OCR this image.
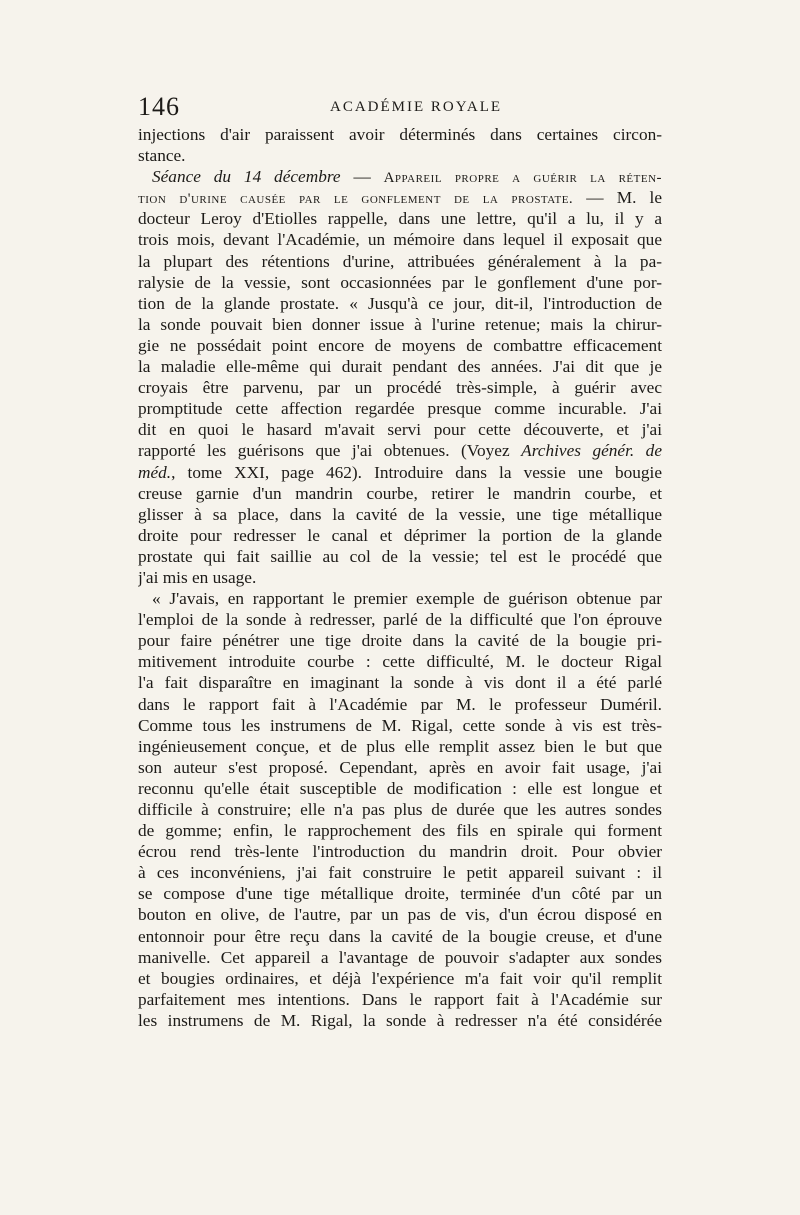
146	ACADÉMIE ROYALE
injections d'air paraissent avoir déterminés dans certaines circon-
stance.
Séance du 14 décembre — Appareil propre a guérir la réten-
tion d'urine causée par le gonflement de la prostate. — M. le
docteur Leroy d'Etiolles rappelle, dans une lettre, qu'il a lu, il y a
trois mois, devant l'Académie, un mémoire dans lequel il exposait que
la plupart des rétentions d'urine, attribuées généralement à la pa-
ralysie de la vessie, sont occasionnées par le gonflement d'une por-
tion de la glande prostate. « Jusqu'à ce jour, dit-il, l'introduction de
la sonde pouvait bien donner issue à l'urine retenue; mais la chirur-
gie ne possédait point encore de moyens de combattre efficacement
la maladie elle-même qui durait pendant des années. J'ai dit que je
croyais être parvenu, par un procédé très-simple, à guérir avec
promptitude cette affection regardée presque comme incurable. J'ai
dit en quoi le hasard m'avait servi pour cette découverte, et j'ai
rapporté les guérisons que j'ai obtenues. (Voyez Archives génér. de
méd., tome XXI, page 462). Introduire dans la vessie une bougie
creuse garnie d'un mandrin courbe, retirer le mandrin courbe, et
glisser à sa place, dans la cavité de la vessie, une tige métallique
droite pour redresser le canal et déprimer la portion de la glande
prostate qui fait saillie au col de la vessie; tel est le procédé que
j'ai mis en usage.
« J'avais, en rapportant le premier exemple de guérison obtenue par
l'emploi de la sonde à redresser, parlé de la difficulté que l'on éprouve
pour faire pénétrer une tige droite dans la cavité de la bougie pri-
mitivement introduite courbe : cette difficulté, M. le docteur Rigal
l'a fait disparaître en imaginant la sonde à vis dont il a été parlé
dans le rapport fait à l'Académie par M. le professeur Duméril.
Comme tous les instrumens de M. Rigal, cette sonde à vis est très-
ingénieusement conçue, et de plus elle remplit assez bien le but que
son auteur s'est proposé. Cependant, après en avoir fait usage, j'ai
reconnu qu'elle était susceptible de modification : elle est longue et
difficile à construire; elle n'a pas plus de durée que les autres sondes
de gomme; enfin, le rapprochement des fils en spirale qui forment
écrou rend très-lente l'introduction du mandrin droit. Pour obvier
à ces inconvéniens, j'ai fait construire le petit appareil suivant : il
se compose d'une tige métallique droite, terminée d'un côté par un
bouton en olive, de l'autre, par un pas de vis, d'un écrou disposé en
entonnoir pour être reçu dans la cavité de la bougie creuse, et d'une
manivelle. Cet appareil a l'avantage de pouvoir s'adapter aux sondes
et bougies ordinaires, et déjà l'expérience m'a fait voir qu'il remplit
parfaitement mes intentions. Dans le rapport fait à l'Académie sur
les instrumens de M. Rigal, la sonde à redresser n'a été considérée
